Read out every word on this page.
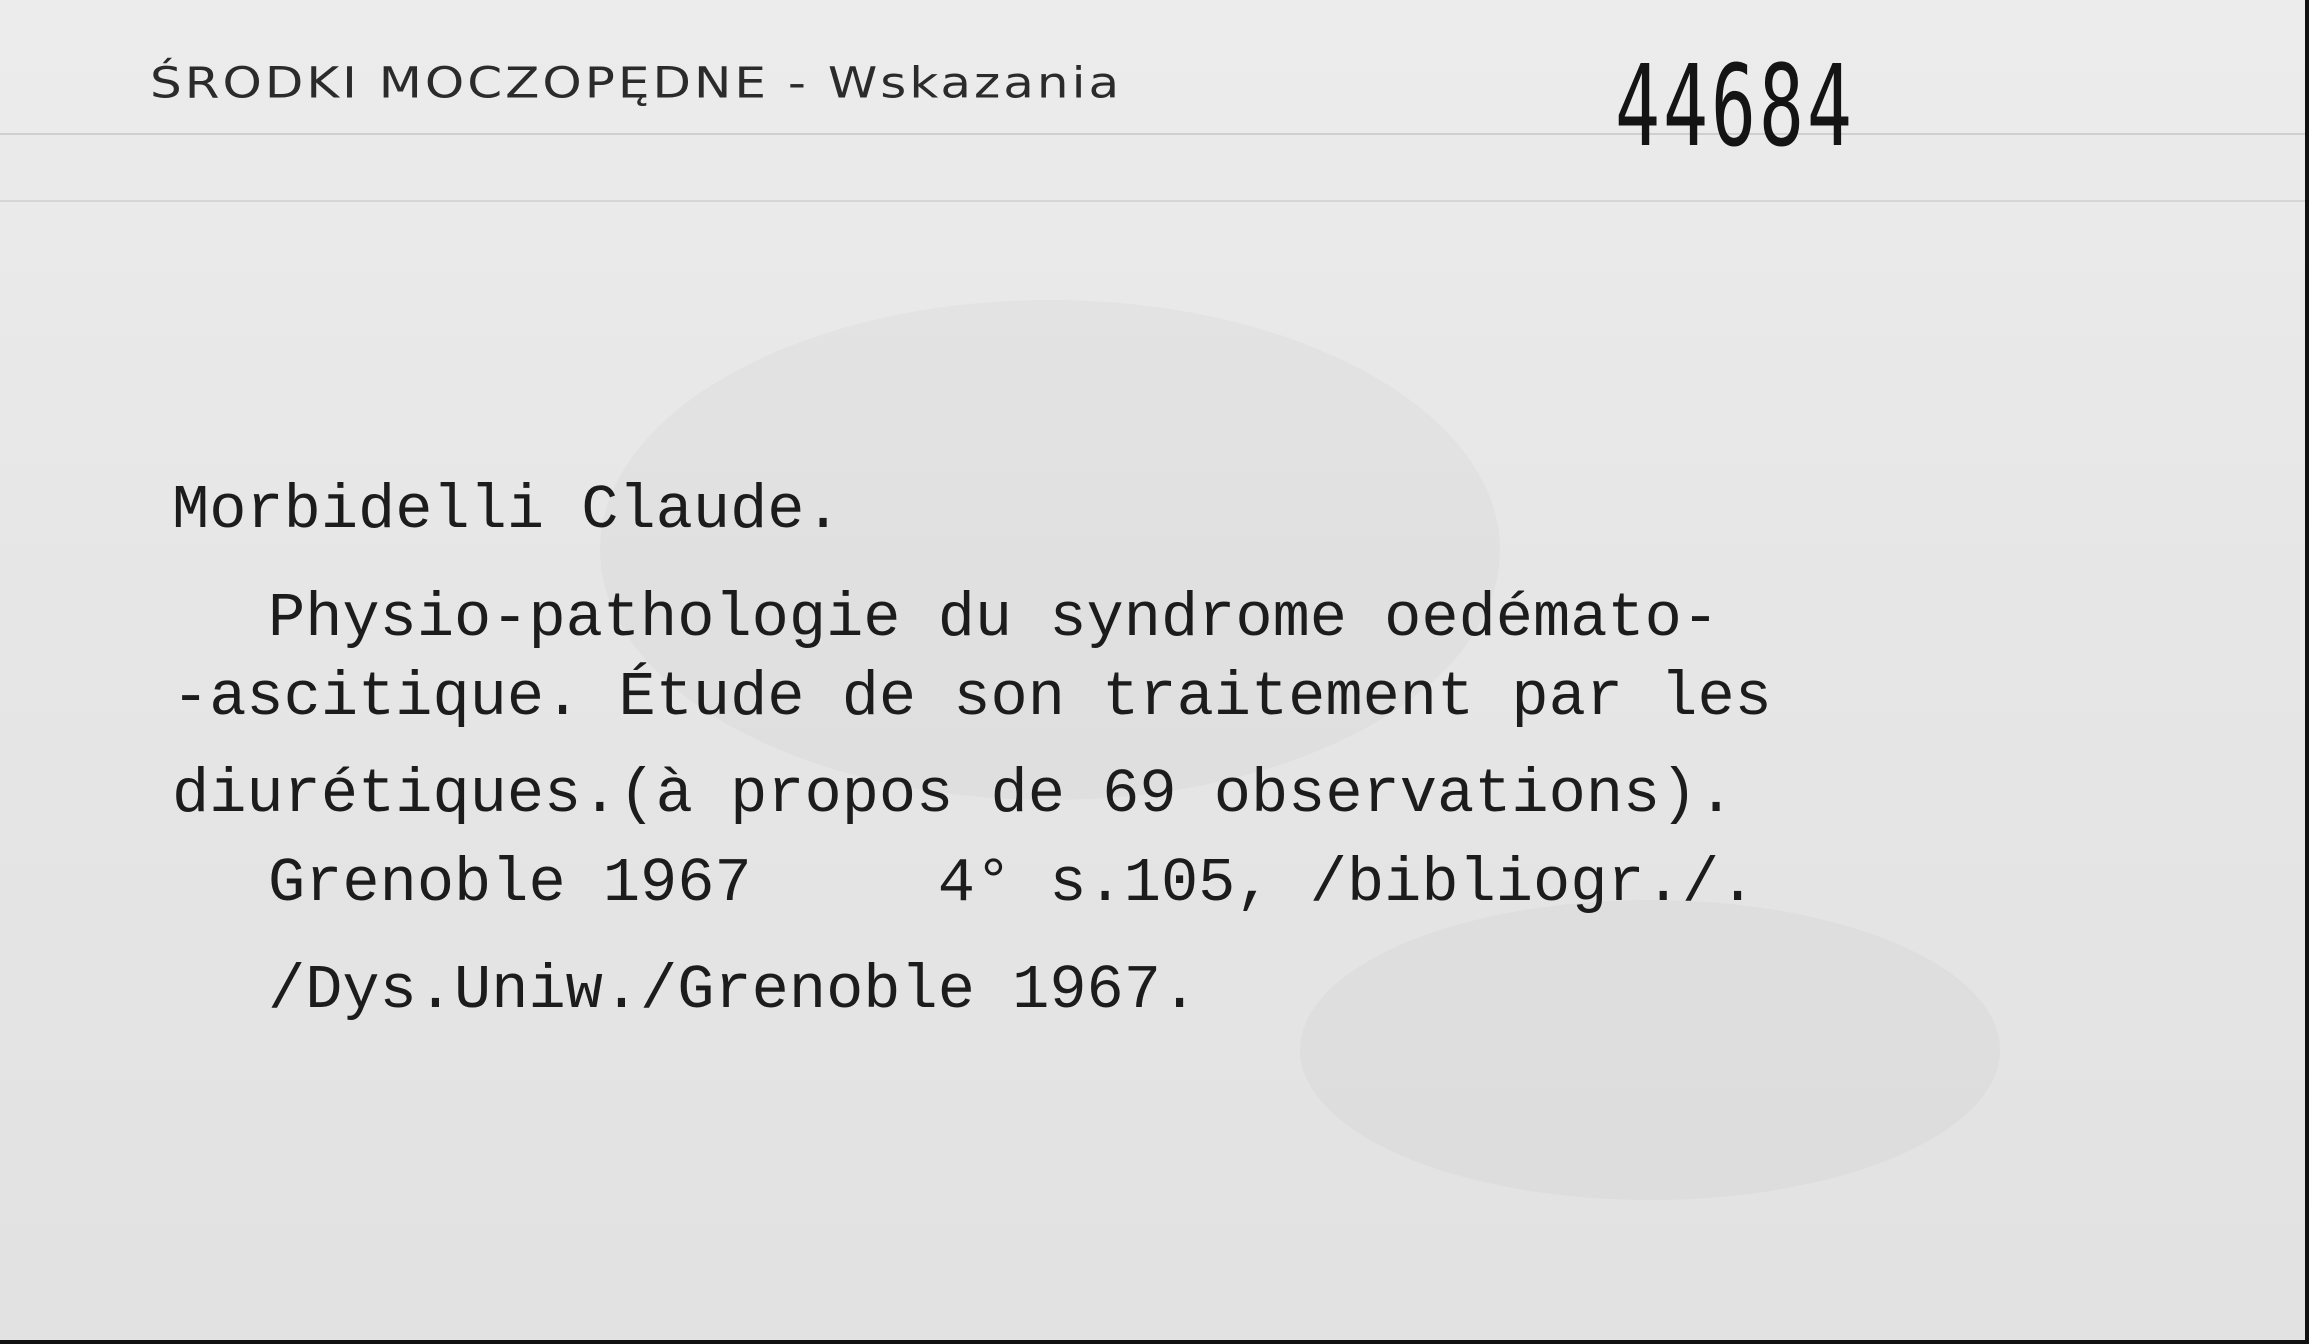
ŚRODKI MOCZOPĘDNE - Wskazania	44684
Morbidelli Claude.
Physio-pathologie du syndrome oedémato-
-ascitique. Étude de son traitement par les
diurétiques.(à propos de 69 observations).
Grenoble 1967     4° s.105, /bibliogr./.
/Dys.Uniw./Grenoble 1967.
